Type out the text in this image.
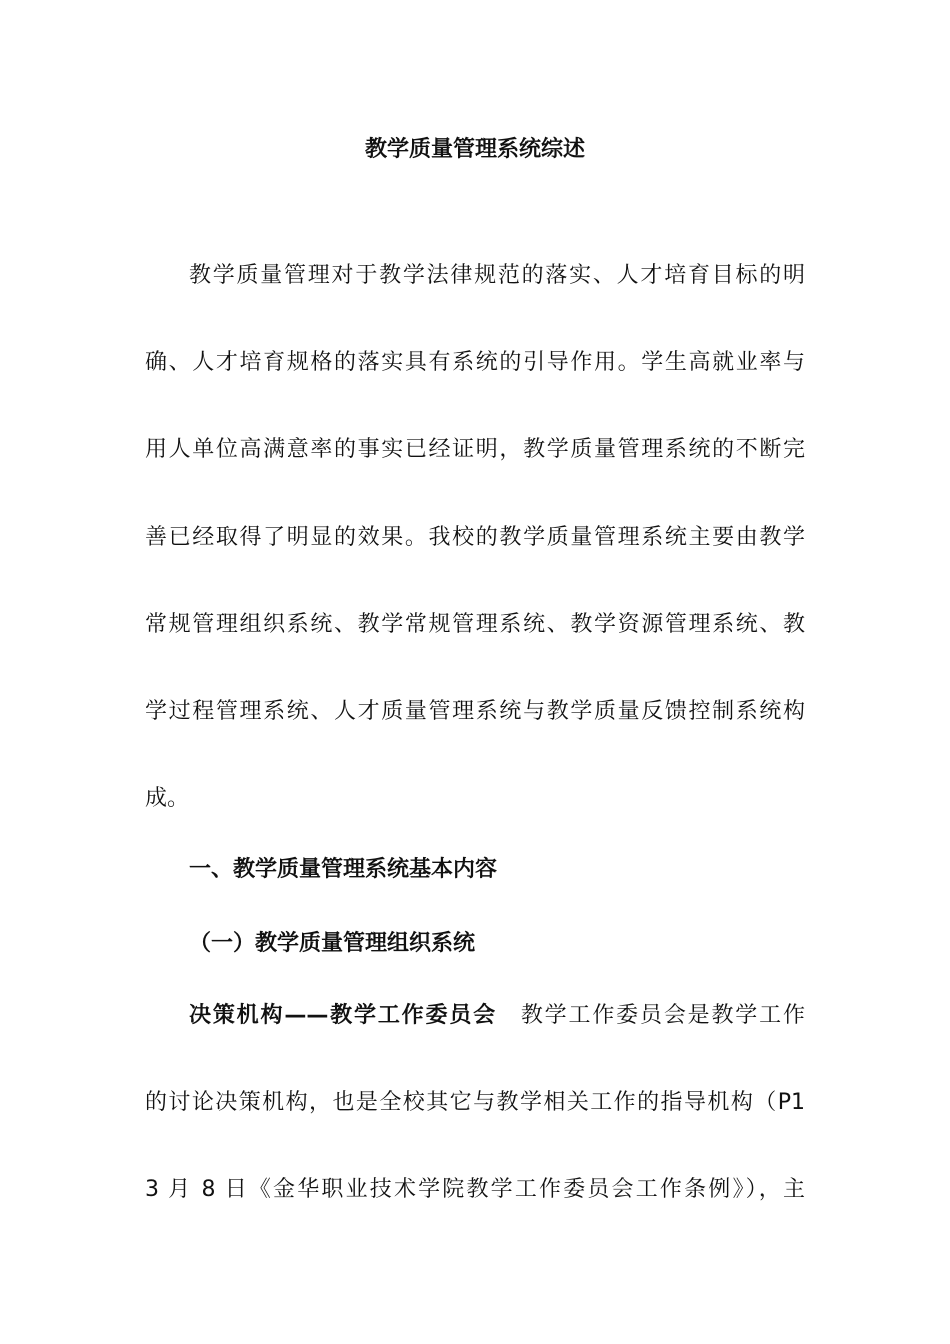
教学质量管理系统综述
教学质量管理对于教学法律规范的落实、人才培育目标的明
确、人才培育规格的落实具有系统的引导作用。学生高就业率与
用人单位高满意率的事实已经证明，教学质量管理系统的不断完
善已经取得了明显的效果。我校的教学质量管理系统主要由教学
常规管理组织系统、教学常规管理系统、教学资源管理系统、教
学过程管理系统、人才质量管理系统与教学质量反馈控制系统构
成。
一、教学质量管理系统基本内容
（一）教学质量管理组织系统
决策机构——教学工作委员会　 教学工作委员会是教学工作
的讨论决策机构，也是全校其它与教学相关工作的指导机构（P1
3 月 8 日《金华职业技术学院教学工作委员会工作条例》），主
